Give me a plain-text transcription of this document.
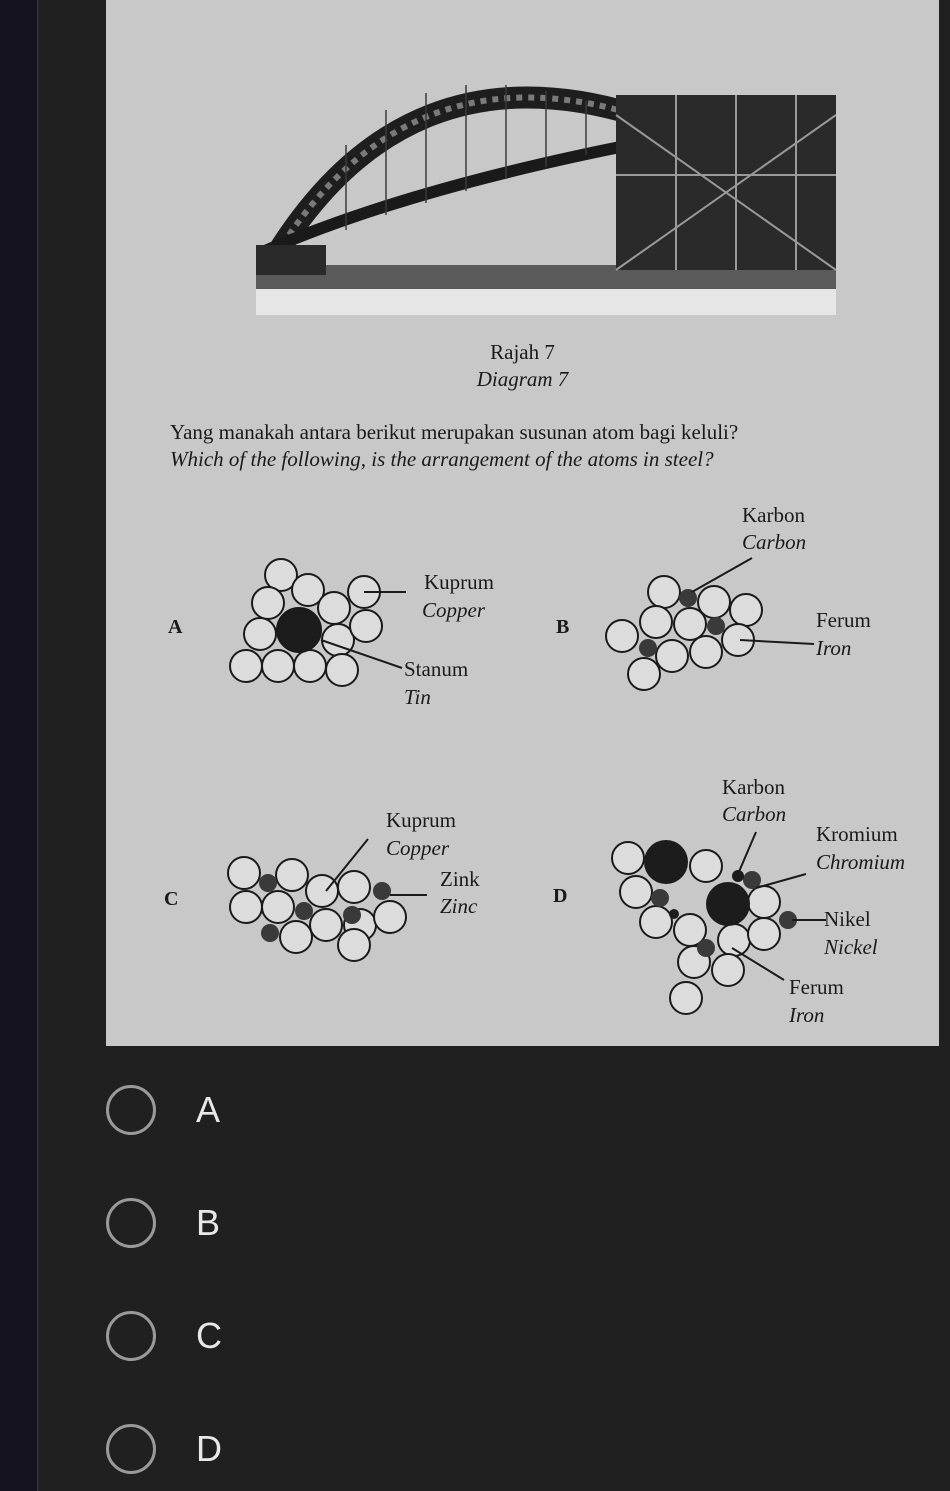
Rajah 7
Diagram 7
Yang manakah antara berikut merupakan susunan atom bagi keluli?
Which of the following, is the arrangement of the atoms in steel?
A
Kuprum
Copper
Stanum
Tin
B
Karbon
Carbon
Ferum
Iron
C
Kuprum
Copper
Zink
Zinc	D
Karbon
Carbon
Kromium
Chromium
Nikel
Nickel
Ferum
Iron
A
B
C
D
